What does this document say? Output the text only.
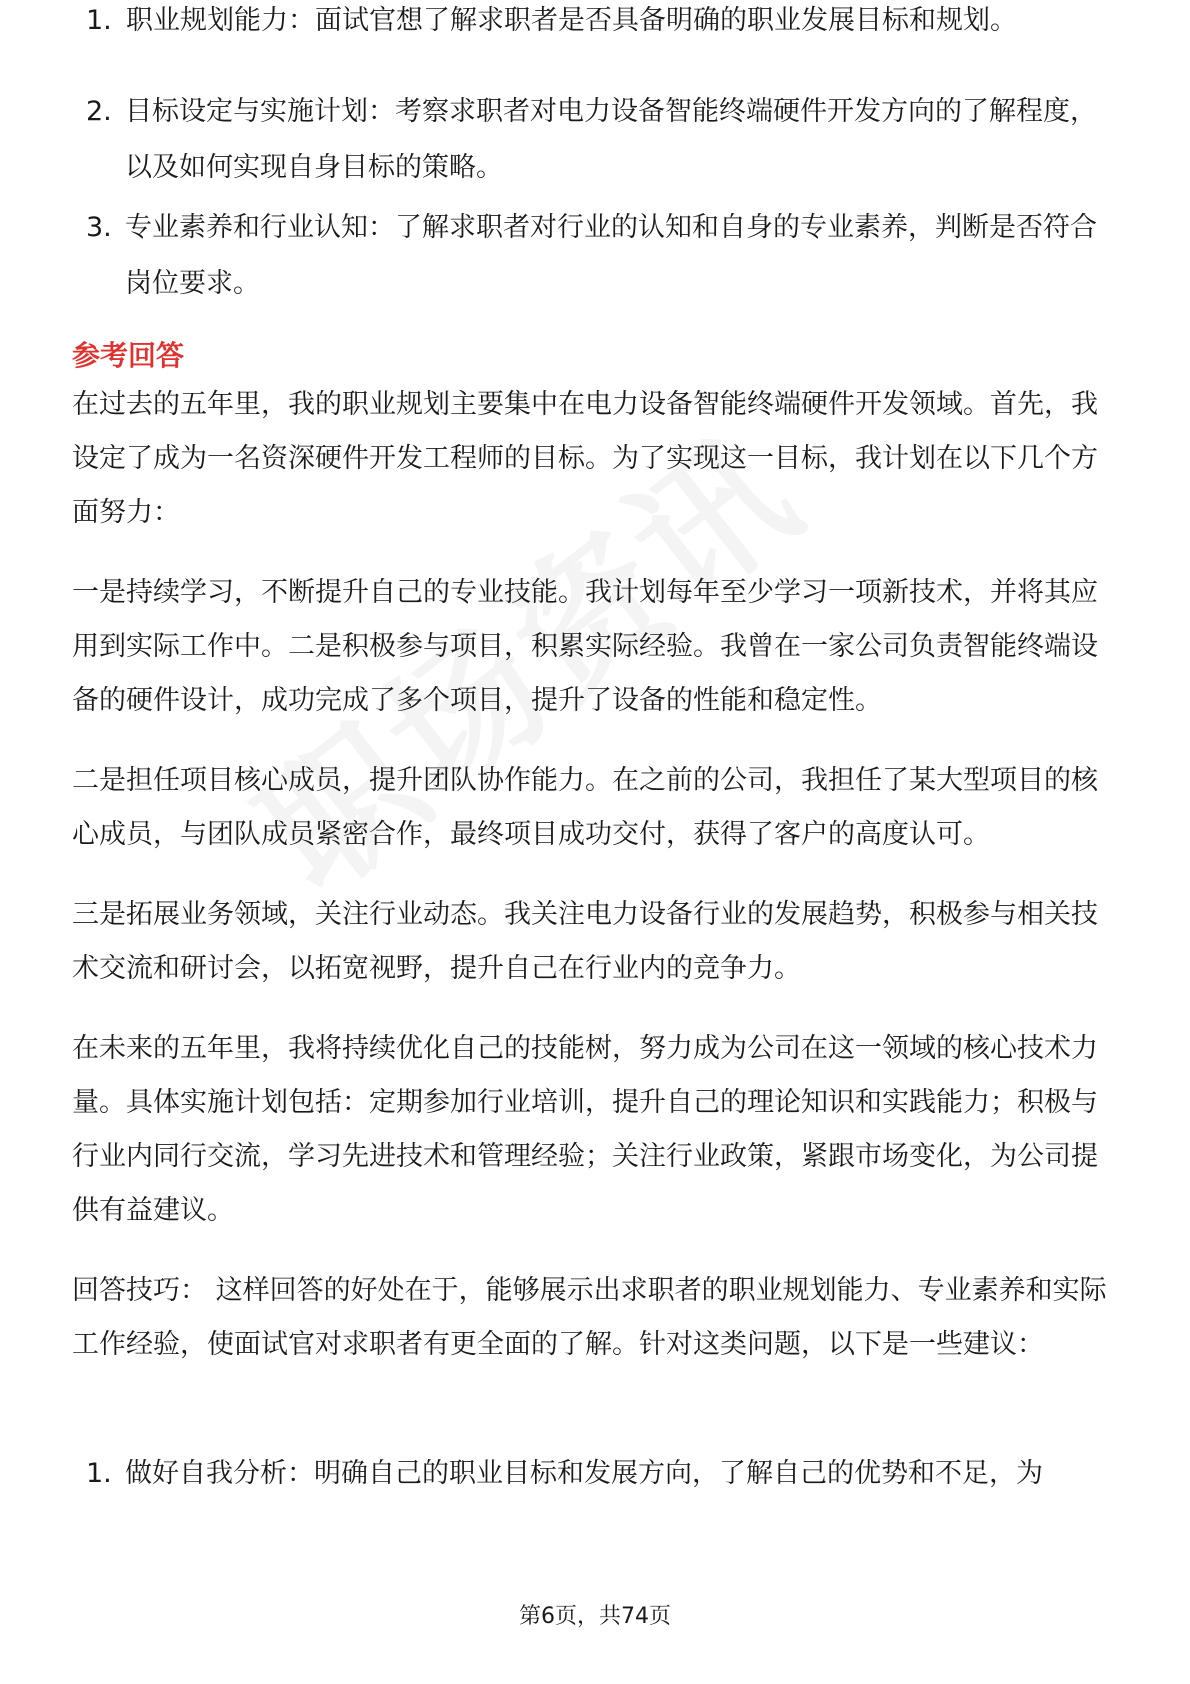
1. 职业规划能力：面试官想了解求职者是否具备明确的职业发展目标和规划。
2. 目标设定与实施计划：考察求职者对电力设备智能终端硬件开发方向的了解程度，以及如何实现自身目标的策略。
3. 专业素养和行业认知：了解求职者对行业的认知和自身的专业素养，判断是否符合岗位要求。
参考回答

在过去的五年里，我的职业规划主要集中在电力设备智能终端硬件开发领域。首先，我设定了成为一名资深硬件开发工程师的目标。为了实现这一目标，我计划在以下几个方面努力：

一是持续学习，不断提升自己的专业技能。我计划每年至少学习一项新技术，并将其应用到实际工作中。二是积极参与项目，积累实际经验。我曾在一家公司负责智能终端设备的硬件设计，成功完成了多个项目，提升了设备的性能和稳定性。

二是担任项目核心成员，提升团队协作能力。在之前的公司，我担任了某大型项目的核心成员，与团队成员紧密合作，最终项目成功交付，获得了客户的高度认可。

三是拓展业务领域，关注行业动态。我关注电力设备行业的发展趋势，积极参与相关技术交流和研讨会，以拓宽视野，提升自己在行业内的竞争力。

在未来的五年里，我将持续优化自己的技能树，努力成为公司在这一领域的核心技术力量。具体实施计划包括：定期参加行业培训，提升自己的理论知识和实践能力；积极与行业内同行交流，学习先进技术和管理经验；关注行业政策，紧跟市场变化，为公司提供有益建议。

回答技巧： 这样回答的好处在于，能够展示出求职者的职业规划能力、专业素养和实际工作经验，使面试官对求职者有更全面的了解。针对这类问题，以下是一些建议：

1. 做好自我分析：明确自己的职业目标和发展方向，了解自己的优势和不足，为
第6页，共74页
